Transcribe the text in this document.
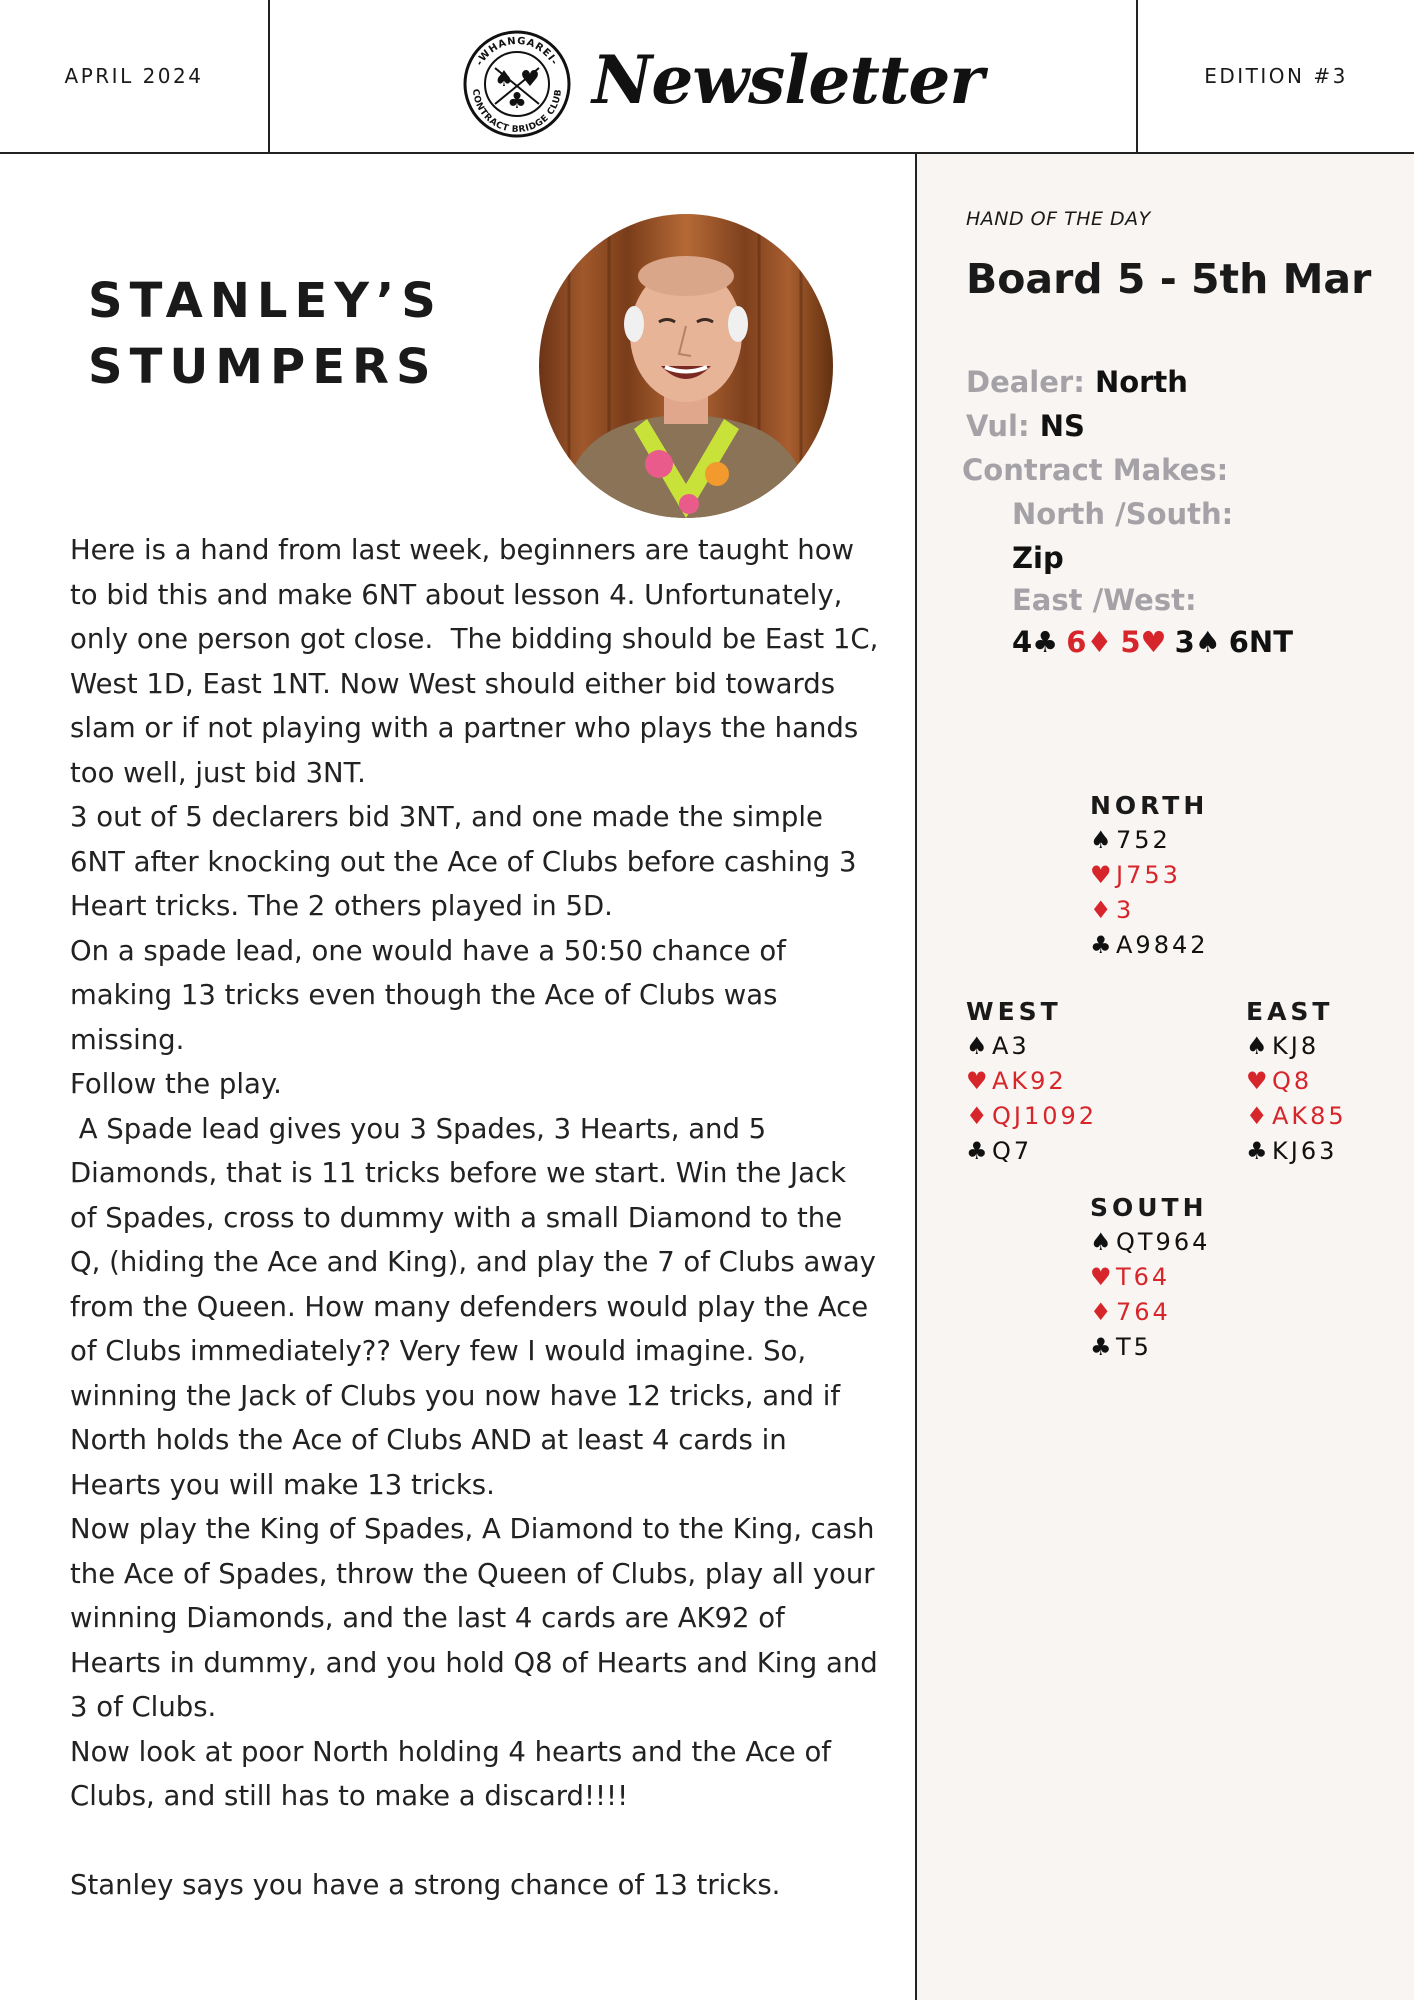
APRIL 2024
-WHANGAREI-
CONTRACT BRIDGE CLUB
♠ ♥
♣ Newsletter	EDITION #3
STANLEY’S
STUMPERS

Here is a hand from last week, beginners are taught how to bid this and make 6NT about lesson 4. Unfortunately, only one person got close.  The bidding should be East 1C, West 1D, East 1NT. Now West should either bid towards slam or if not playing with a partner who plays the hands too well, just bid 3NT.

3 out of 5 declarers bid 3NT, and one made the simple 6NT after knocking out the Ace of Clubs before cashing 3 Heart tricks. The 2 others played in 5D.

On a spade lead, one would have a 50:50 chance of making 13 tricks even though the Ace of Clubs was missing.

Follow the play.

A Spade lead gives you 3 Spades, 3 Hearts, and 5 Diamonds, that is 11 tricks before we start. Win the Jack of Spades, cross to dummy with a small Diamond to the Q, (hiding the Ace and King), and play the 7 of Clubs away from the Queen. How many defenders would play the Ace of Clubs immediately?? Very few I would imagine. So, winning the Jack of Clubs you now have 12 tricks, and if North holds the Ace of Clubs AND at least 4 cards in Hearts you will make 13 tricks.

Now play the King of Spades, A Diamond to the King, cash the Ace of Spades, throw the Queen of Clubs, play all your winning Diamonds, and the last 4 cards are AK92 of Hearts in dummy, and you hold Q8 of Hearts and King and 3 of Clubs.

Now look at poor North holding 4 hearts and the Ace of Clubs, and still has to make a discard!!!!

Stanley says you have a strong chance of 13 tricks.

HAND OF THE DAY
Board 5 - 5th Mar
Dealer: North
Vul: NS
Contract Makes:
North /South:
Zip
East /West:
4♣ 6♦ 5♥ 3♠ 6NT
NORTH
♠ 752
♥ J753
♦ 3
♣ A9842
WEST
♠ A3
♥ AK92
♦ QJ1092
♣ Q7
EAST
♠ KJ8
♥ Q8
♦ AK85
♣ KJ63
SOUTH
♠ QT964
♥ T64
♦ 764
♣ T5
